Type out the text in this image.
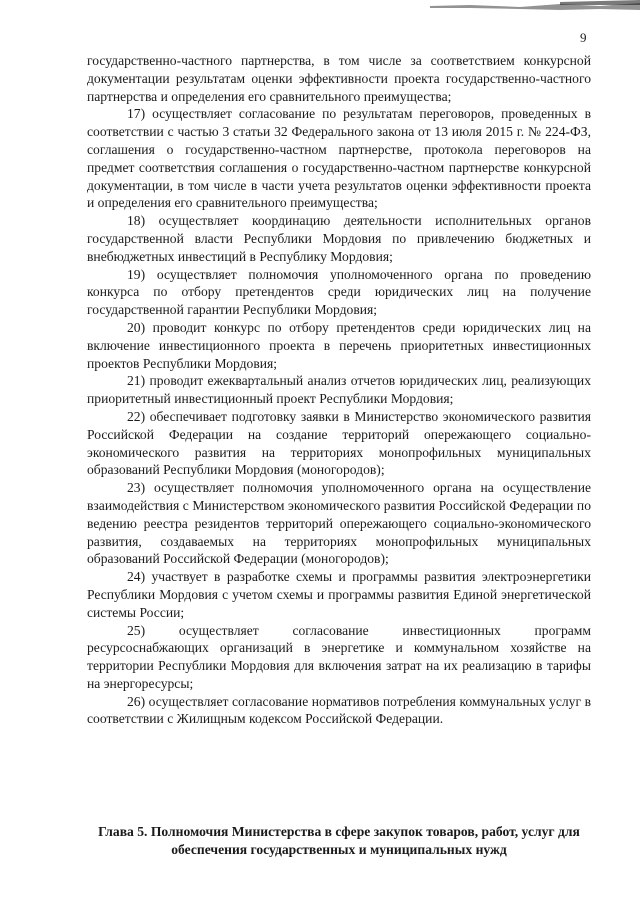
9

государственно-частного партнерства, в том числе за соответствием конкурсной документации результатам оценки эффективности проекта государственно-частного партнерства и определения его сравнительного преимущества;

17) осуществляет согласование по результатам переговоров, проведенных в соответствии с частью 3 статьи 32 Федерального закона от 13 июля 2015 г. № 224-ФЗ, соглашения о государственно-частном партнерстве, протокола переговоров на предмет соответствия соглашения о государственно-частном партнерстве конкурсной документации, в том числе в части учета результатов оценки эффективности проекта и определения его сравнительного преимущества;

18) осуществляет координацию деятельности исполнительных органов государственной власти Республики Мордовия по привлечению бюджетных и внебюджетных инвестиций в Республику Мордовия;

19) осуществляет полномочия уполномоченного органа по проведению конкурса по отбору претендентов среди юридических лиц на получение государственной гарантии Республики Мордовия;

20) проводит конкурс по отбору претендентов среди юридических лиц на включение инвестиционного проекта в перечень приоритетных инвестиционных проектов Республики Мордовия;

21) проводит ежеквартальный анализ отчетов юридических лиц, реализующих приоритетный инвестиционный проект Республики Мордовия;

22) обеспечивает подготовку заявки в Министерство экономического развития Российской Федерации на создание территорий опережающего социально-экономического развития на территориях монопрофильных муниципальных образований Республики Мордовия (моногородов);

23) осуществляет полномочия уполномоченного органа на осуществление взаимодействия с Министерством экономического развития Российской Федерации по ведению реестра резидентов территорий опережающего социально-экономического развития, создаваемых на территориях монопрофильных муниципальных образований Российской Федерации (моногородов);

24) участвует в разработке схемы и программы развития электроэнергетики Республики Мордовия с учетом схемы и программы развития Единой энергетической системы России;

25) осуществляет согласование инвестиционных программ ресурсоснабжающих организаций в энергетике и коммунальном хозяйстве на территории Республики Мордовия для включения затрат на их реализацию в тарифы на энергоресурсы;

26) осуществляет согласование нормативов потребления коммунальных услуг в соответствии с Жилищным кодексом Российской Федерации.

Глава 5. Полномочия Министерства в сфере закупок товаров, работ, услуг для обеспечения государственных и муниципальных нужд
